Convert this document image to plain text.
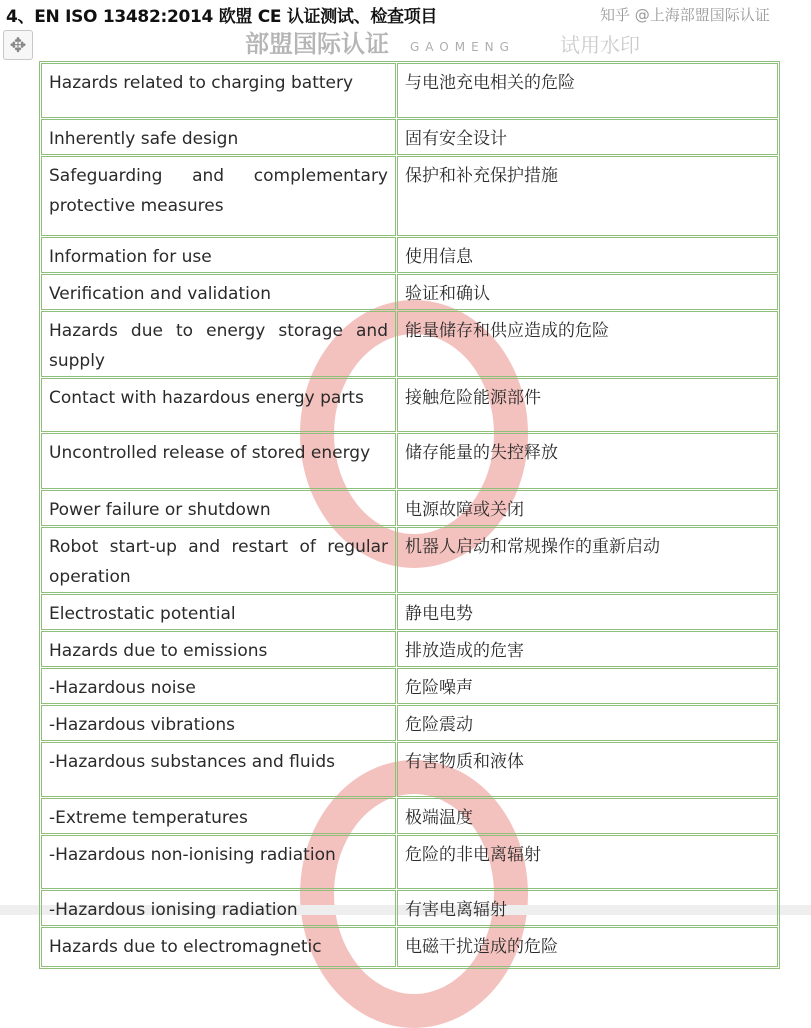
4、EN ISO 13482:2014 欧盟 CE 认证测试、检查项目
✥	部盟国际认证 GAOMENG 试用水印
知乎 @上海部盟国际认证
Hazards related to charging battery	与电池充电相关的危险
Inherently safe design	固有安全设计
Safeguarding and complementary protective measures	保护和补充保护措施
Information for use	使用信息
Verification and validation	验证和确认
Hazards due to energy storage and supply	能量储存和供应造成的危险
Contact with hazardous energy parts	接触危险能源部件
Uncontrolled release of stored energy	储存能量的失控释放
Power failure or shutdown	电源故障或关闭
Robot start-up and restart of regular operation	机器人启动和常规操作的重新启动
Electrostatic potential	静电电势
Hazards due to emissions	排放造成的危害
-Hazardous noise	危险噪声
-Hazardous vibrations	危险震动
-Hazardous substances and fluids	有害物质和液体
-Extreme temperatures	极端温度
-Hazardous non-ionising radiation	危险的非电离辐射
-Hazardous ionising radiation	有害电离辐射
Hazards due to electromagnetic	电磁干扰造成的危险
